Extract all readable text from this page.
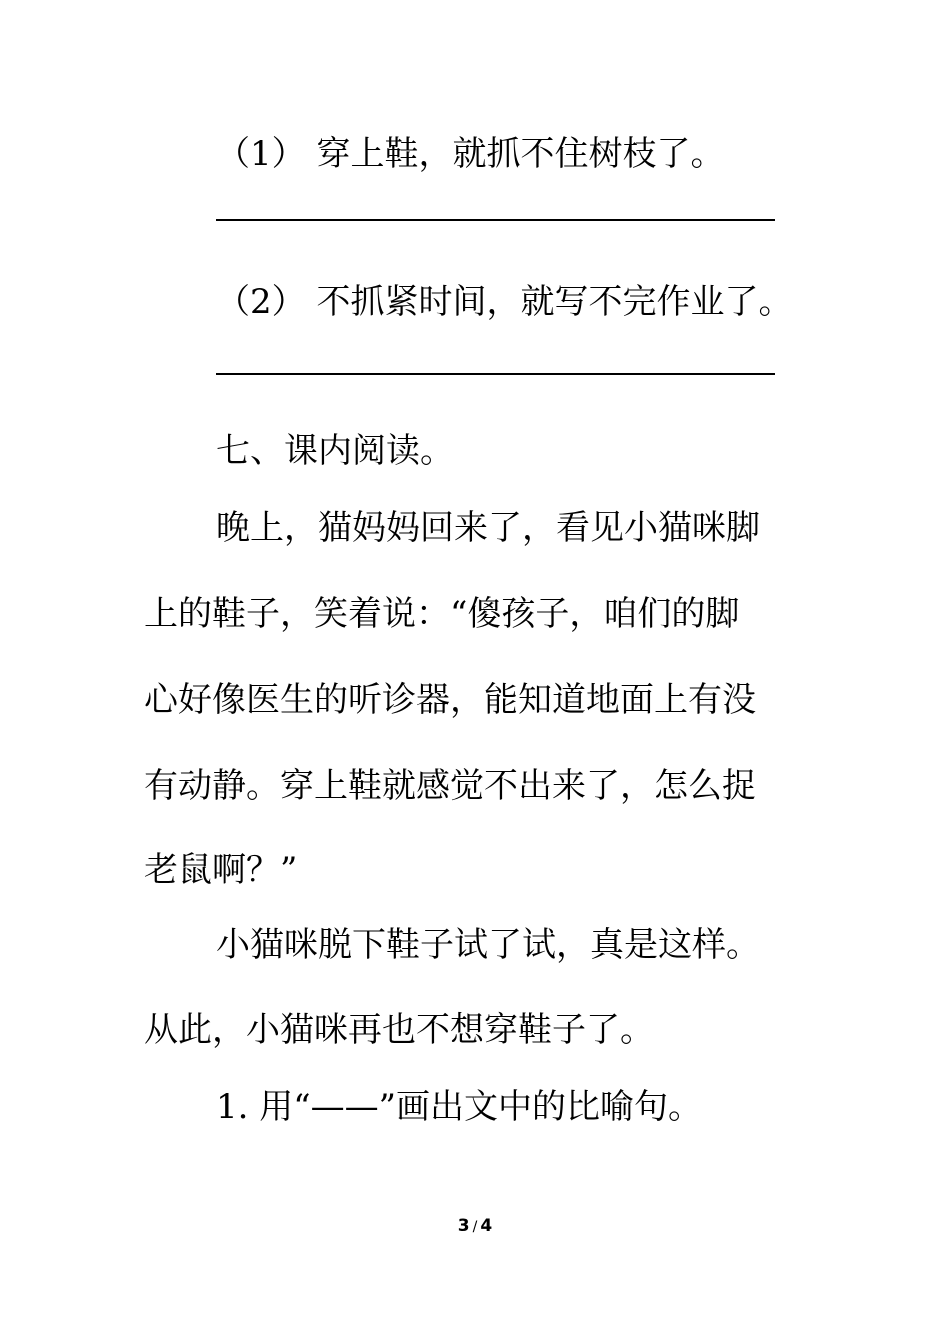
（1） 穿上鞋，就抓不住树枝了。
（2） 不抓紧时间，就写不完作业了。
七、课内阅读。
晚上，猫妈妈回来了，看见小猫咪脚
上的鞋子，笑着说：“傻孩子，咱们的脚
心好像医生的听诊器，能知道地面上有没
有动静。穿上鞋就感觉不出来了，怎么捉
老鼠啊？”
小猫咪脱下鞋子试了试，真是这样。
从此，小猫咪再也不想穿鞋子了。
1. 用“——”画出文中的比喻句。
3 / 4
